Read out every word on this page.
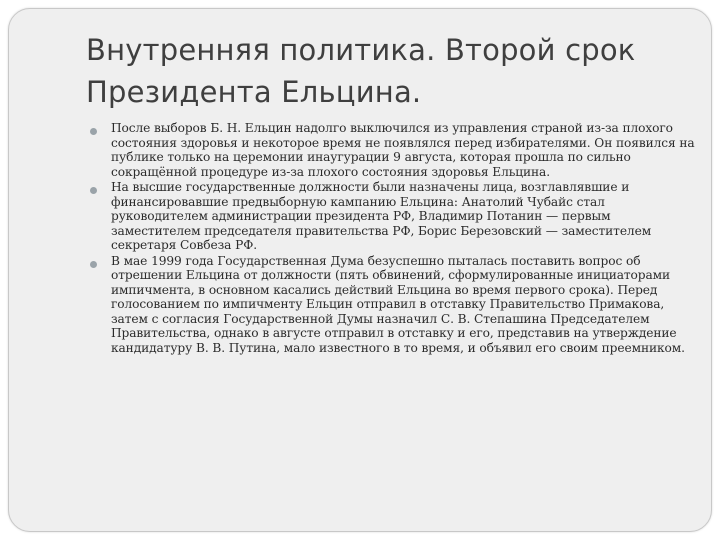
Внутренняя политика. Второй срок Президента Ельцина.
После выборов Б. Н. Ельцин надолго выключился из управления страной из-за плохого состояния здоровья и некоторое время не появлялся перед избирателями. Он появился на публике только на церемонии инаугурации 9 августа, которая прошла по сильно сокращённой процедуре из-за плохого состояния здоровья Ельцина.
На высшие государственные должности были назначены лица, возглавлявшие и финансировавшие предвыборную кампанию Ельцина: Анатолий Чубайс стал руководителем администрации президента РФ, Владимир Потанин — первым заместителем председателя правительства РФ, Борис Березовский — заместителем секретаря Совбеза РФ.
В мае 1999 года Государственная Дума безуспешно пыталась поставить вопрос об отрешении Ельцина от должности (пять обвинений, сформулированные инициаторами импичмента, в основном касались действий Ельцина во время первого срока). Перед голосованием по импичменту Ельцин отправил в отставку Правительство Примакова, затем с согласия Государственной Думы назначил С. В. Степашина Председателем Правительства, однако в августе отправил в отставку и его, представив на утверждение кандидатуру В. В. Путина, мало известного в то время, и объявил его своим преемником.
